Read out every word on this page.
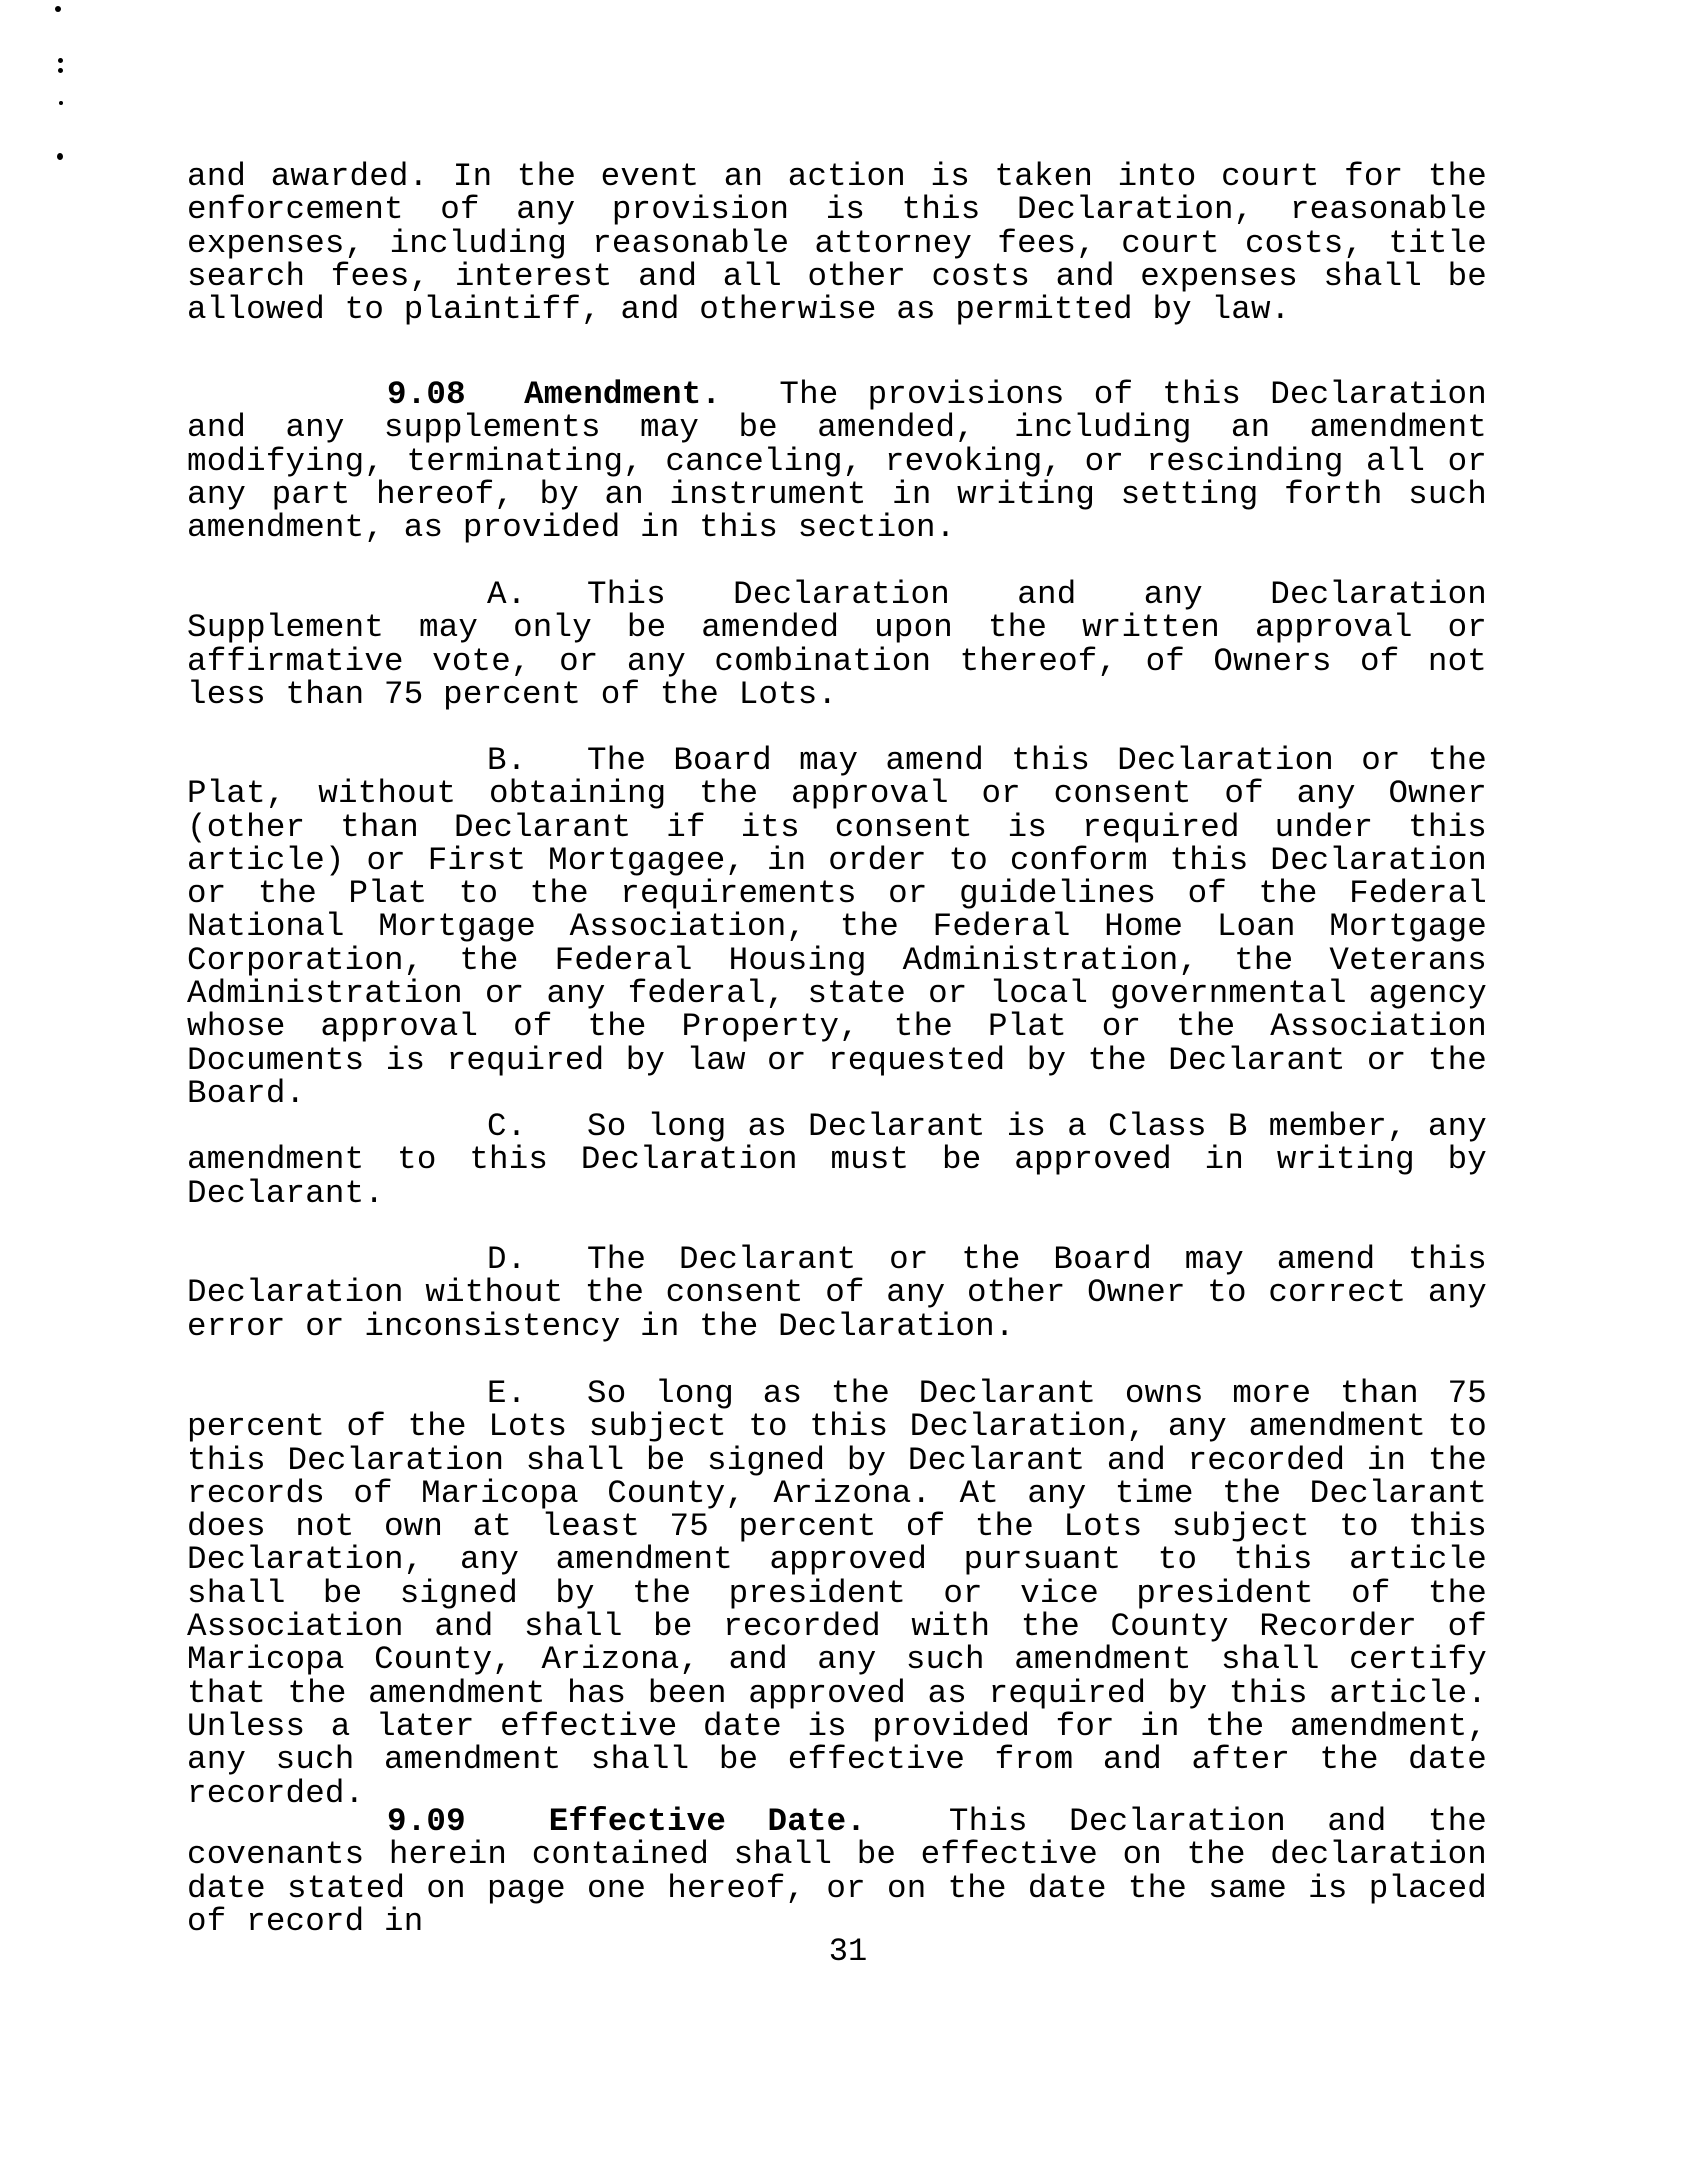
and awarded. In the event an action is taken into court for the enforcement of any provision is this Declaration, reasonable expenses, including reasonable attorney fees, court costs, title search fees, interest and all other costs and expenses shall be allowed to plaintiff, and otherwise as permitted by law.

9.08 Amendment. The provisions of this Declaration and any supplements may be amended, including an amendment modifying, terminating, canceling, revoking, or rescinding all or any part hereof, by an instrument in writing setting forth such amendment, as provided in this section.

A. This Declaration and any Declaration Supplement may only be amended upon the written approval or affirmative vote, or any combination thereof, of Owners of not less than 75 percent of the Lots.

B. The Board may amend this Declaration or the Plat, without obtaining the approval or consent of any Owner (other than Declarant if its consent is required under this article) or First Mortgagee, in order to conform this Declaration or the Plat to the requirements or guidelines of the Federal National Mortgage Association, the Federal Home Loan Mortgage Corporation, the Federal Housing Administration, the Veterans Administration or any federal, state or local governmental agency whose approval of the Property, the Plat or the Association Documents is required by law or requested by the Declarant or the Board.

C. So long as Declarant is a Class B member, any amendment to this Declaration must be approved in writing by Declarant.

D. The Declarant or the Board may amend this Declaration without the consent of any other Owner to correct any error or inconsistency in the Declaration.

E. So long as the Declarant owns more than 75 percent of the Lots subject to this Declaration, any amendment to this Declaration shall be signed by Declarant and recorded in the records of Maricopa County, Arizona. At any time the Declarant does not own at least 75 percent of the Lots subject to this Declaration, any amendment approved pursuant to this article shall be signed by the president or vice president of the Association and shall be recorded with the County Recorder of Maricopa County, Arizona, and any such amendment shall certify that the amendment has been approved as required by this article. Unless a later effective date is provided for in the amendment, any such amendment shall be effective from and after the date recorded.

9.09	Effective Date.	This Declaration and the covenants herein contained shall be effective on the declaration date stated on page one hereof, or on the date the same is placed of record in

31
